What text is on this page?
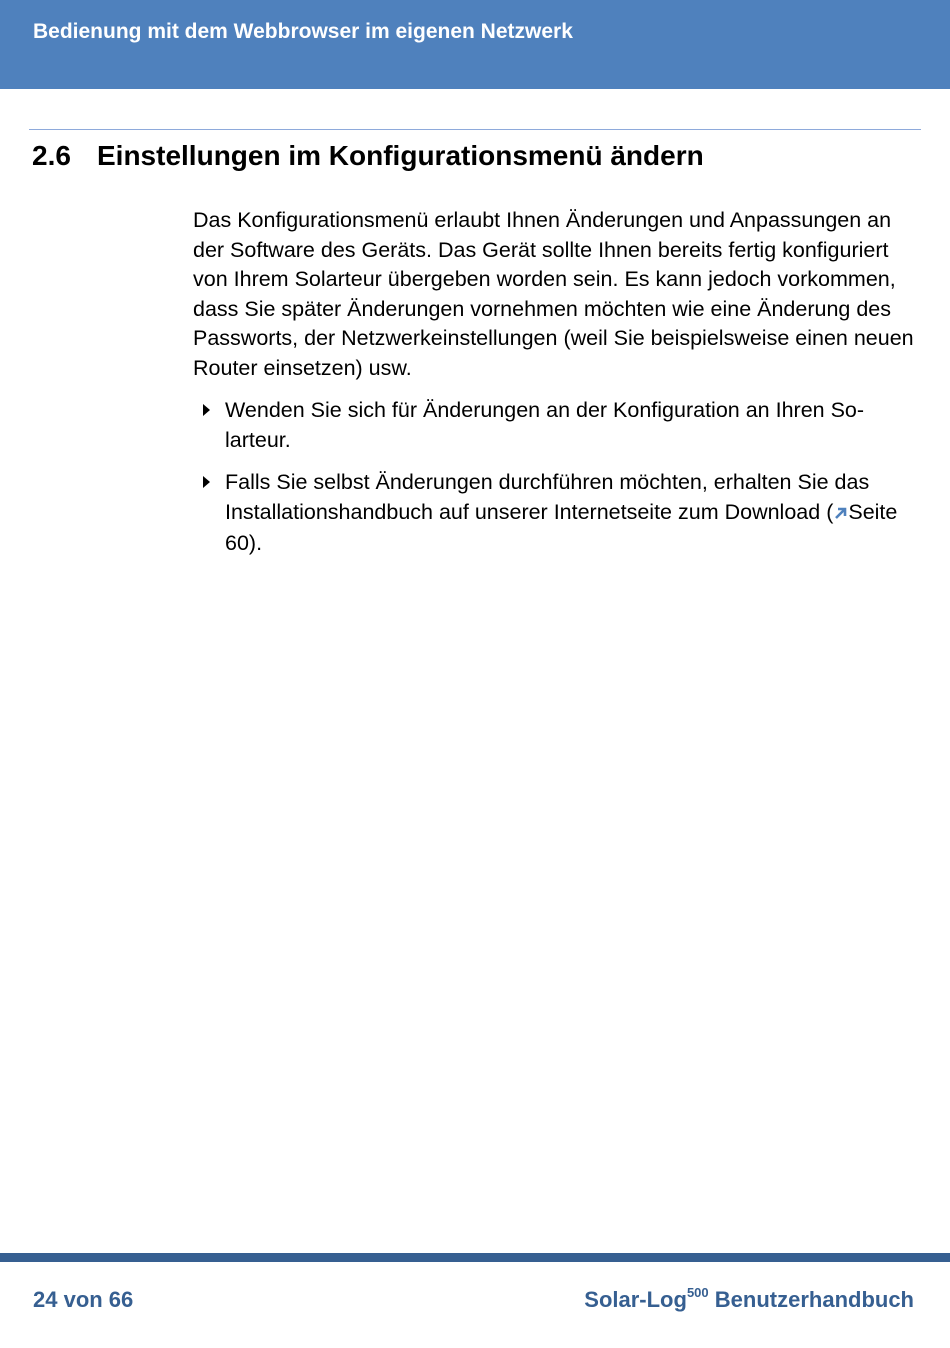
Bedienung mit dem Webbrowser im eigenen Netzwerk
2.6 Einstellungen im Konfigurationsmenü ändern

Das Konfigurationsmenü erlaubt Ihnen Änderungen und Anpassungen an der Software des Geräts. Das Gerät sollte Ihnen bereits fertig konfiguriert von Ihrem Solarteur übergeben worden sein. Es kann jedoch vorkommen, dass Sie später Änderungen vornehmen möchten wie eine Änderung des Passworts, der Netzwerkeinstellungen (weil Sie beispielsweise einen neuen Router einsetzen) usw.

Wenden Sie sich für Änderungen an der Konfiguration an Ihren Solarteur.
Falls Sie selbst Änderungen durchführen möchten, erhalten Sie das Installationshandbuch auf unserer Internetseite zum Download ( Seite 60).
24 von 66	Solar-Log$^{500}$ Benutzerhandbuch
